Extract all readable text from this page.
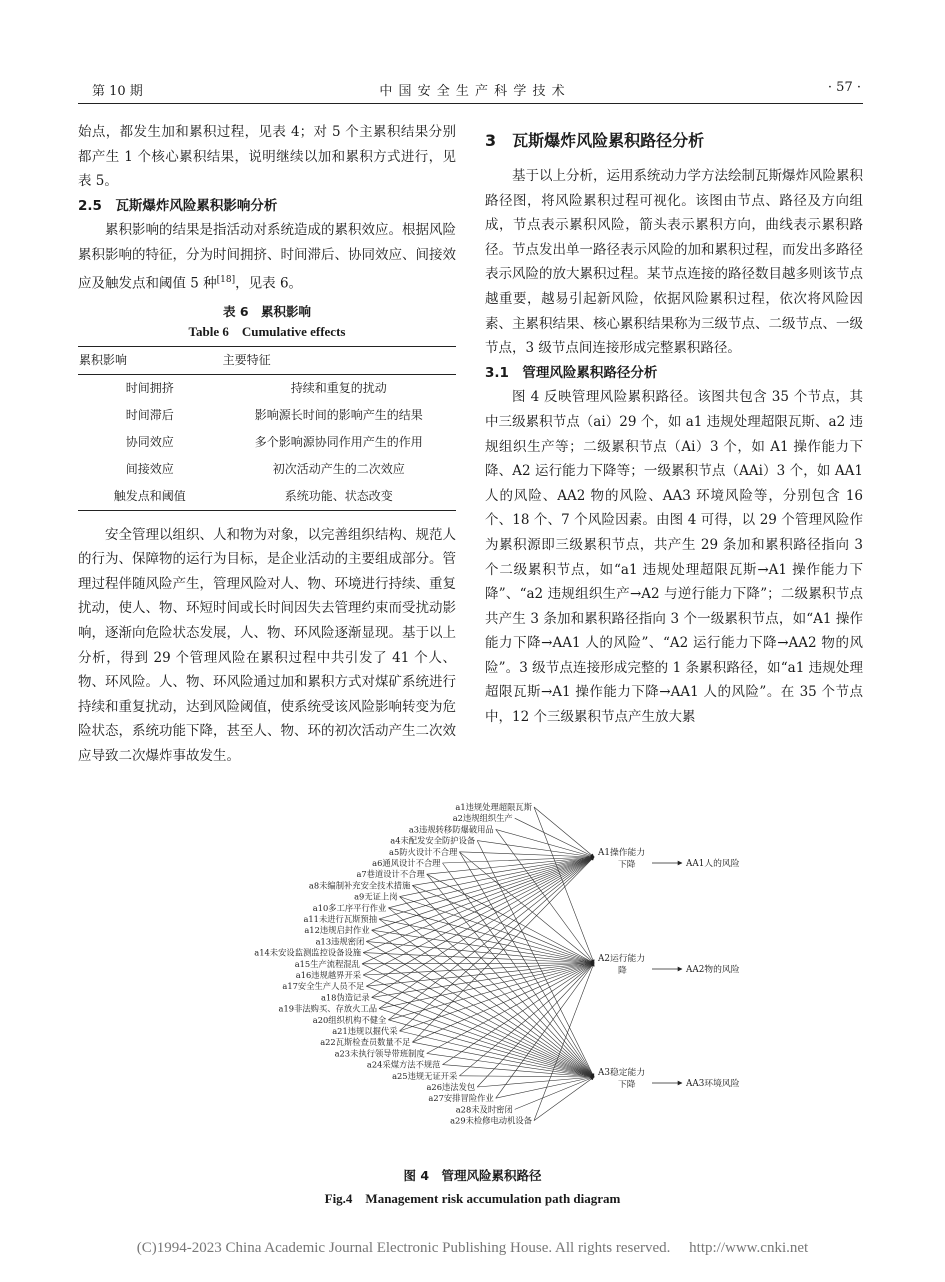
第 10 期	中 国 安 全 生 产 科 学 技 术	· 57 ·

始点，都发生加和累积过程，见表 4；对 5 个主累积结果分别都产生 1 个核心累积结果，说明继续以加和累积方式进行，见表 5。

2.5　瓦斯爆炸风险累积影响分析

累积影响的结果是指活动对系统造成的累积效应。根据风险累积影响的特征，分为时间拥挤、时间滞后、协同效应、间接效应及触发点和阈值 5 种[18]，见表 6。

表 6　累积影响

Table 6　Cumulative effects

累积影响	主要特征
时间拥挤	持续和重复的扰动
时间滞后	影响源长时间的影响产生的结果
协同效应	多个影响源协同作用产生的作用
间接效应	初次活动产生的二次效应
触发点和阈值	系统功能、状态改变

安全管理以组织、人和物为对象，以完善组织结构、规范人的行为、保障物的运行为目标，是企业活动的主要组成部分。管理过程伴随风险产生，管理风险对人、物、环境进行持续、重复扰动，使人、物、环短时间或长时间因失去管理约束而受扰动影响，逐渐向危险状态发展，人、物、环风险逐渐显现。基于以上分析，得到 29 个管理风险在累积过程中共引发了 41 个人、物、环风险。人、物、环风险通过加和累积方式对煤矿系统进行持续和重复扰动，达到风险阈值，使系统受该风险影响转变为危险状态，系统功能下降，甚至人、物、环的初次活动产生二次效应导致二次爆炸事故发生。

3　瓦斯爆炸风险累积路径分析

基于以上分析，运用系统动力学方法绘制瓦斯爆炸风险累积路径图，将风险累积过程可视化。该图由节点、路径及方向组成，节点表示累积风险，箭头表示累积方向，曲线表示累积路径。节点发出单一路径表示风险的加和累积过程，而发出多路径表示风险的放大累积过程。某节点连接的路径数目越多则该节点越重要，越易引起新风险，依据风险累积过程，依次将风险因素、主累积结果、核心累积结果称为三级节点、二级节点、一级节点，3 级节点间连接形成完整累积路径。

3.1　管理风险累积路径分析

图 4 反映管理风险累积路径。该图共包含 35 个节点，其中三级累积节点（ai）29 个，如 a1 违规处理超限瓦斯、a2 违规组织生产等；二级累积节点（Ai）3 个，如 A1 操作能力下降、A2 运行能力下降等；一级累积节点（AAi）3 个，如 AA1 人的风险、AA2 物的风险、AA3 环境风险等，分别包含 16 个、18 个、7 个风险因素。由图 4 可得，以 29 个管理风险作为累积源即三级累积节点，共产生 29 条加和累积路径指向 3 个二级累积节点，如“a1 违规处理超限瓦斯→A1 操作能力下降”、“a2 违规组织生产→A2 与逆行能力下降”；二级累积节点共产生 3 条加和累积路径指向 3 个一级累积节点，如“A1 操作能力下降→AA1 人的风险”、“A2 运行能力下降→AA2 物的风险”。3 级节点连接形成完整的 1 条累积路径，如“a1 违规处理超限瓦斯→A1 操作能力下降→AA1 人的风险”。在 35 个节点中，12 个三级累积节点产生放大累

a1违规处理超限瓦斯
a2违规组织生产
a3违规转移防爆破用品
a4未配发安全防护设备
a5防火设计不合理
a6通风设计不合理
a7巷道设计不合理
a8未编制补充安全技术措施
a9无证上岗
a10多工序平行作业
a11未进行瓦斯预抽
a12违规启封作业
a13违规密闭
a14未安设监测监控设备设施
a15生产流程混乱
a16违规越界开采
a17安全生产人员不足
a18伪造记录
a19非法购买、存放火工品
a20组织机构不健全
a21违规以掘代采
a22瓦斯检查员数量不足
a23未执行领导带班制度
a24采煤方法不规范
a25违规无证开采
a26违法发包
a27安排冒险作业
a28未及时密闭
a29未检修电动机设备
A1操作能力
下降	AA1人的风险
A2运行能力
降	AA2物的风险
A3稳定能力
下降	AA3环境风险
图 4　管理风险累积路径
Fig.4　Management risk accumulation path diagram
(C)1994-2023 China Academic Journal Electronic Publishing House. All rights reserved.　 http://www.cnki.net
